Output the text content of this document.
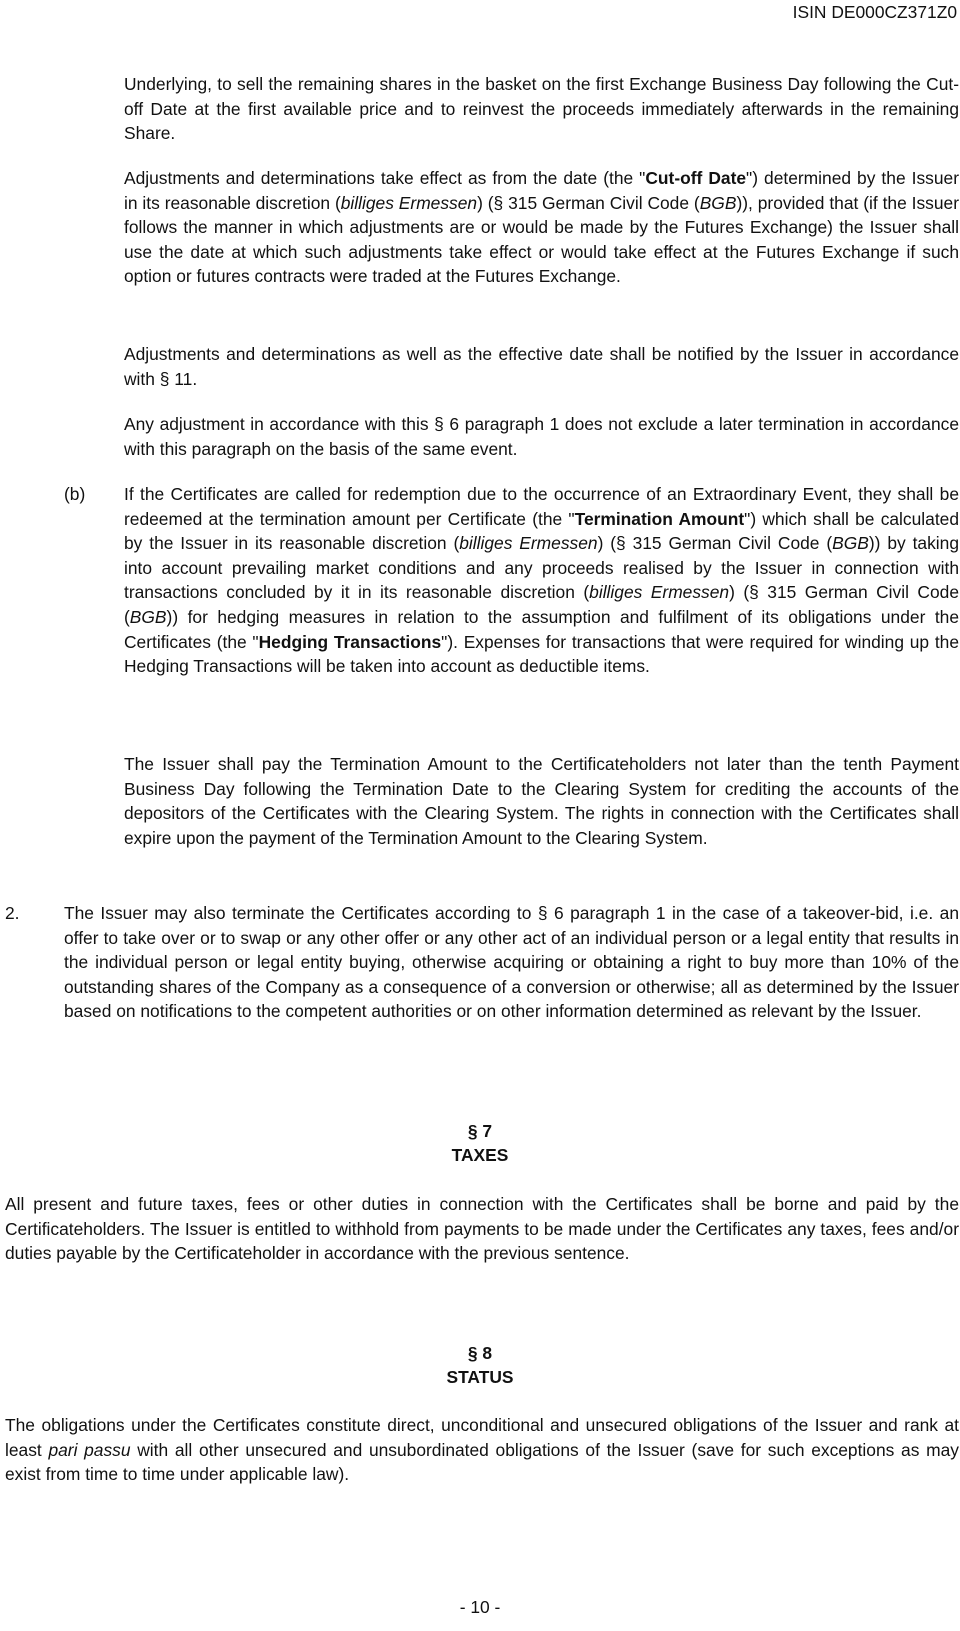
ISIN DE000CZ371Z0

Underlying, to sell the remaining shares in the basket on the first Exchange Business Day following the Cut-off Date at the first available price and to reinvest the proceeds immediately afterwards in the remaining Share.

Adjustments and determinations take effect as from the date (the "Cut-off Date") determined by the Issuer in its reasonable discretion (billiges Ermessen) (§ 315 German Civil Code (BGB)), provided that (if the Issuer follows the manner in which adjustments are or would be made by the Futures Exchange) the Issuer shall use the date at which such adjustments take effect or would take effect at the Futures Exchange if such option or futures contracts were traded at the Futures Exchange.

Adjustments and determinations as well as the effective date shall be notified by the Issuer in accordance with § 11.

Any adjustment in accordance with this § 6 paragraph 1 does not exclude a later termination in accordance with this paragraph on the basis of the same event.

(b) If the Certificates are called for redemption due to the occurrence of an Extraordinary Event, they shall be redeemed at the termination amount per Certificate (the "Termination Amount") which shall be calculated by the Issuer in its reasonable discretion (billiges Ermessen) (§ 315 German Civil Code (BGB)) by taking into account prevailing market conditions and any proceeds realised by the Issuer in connection with transactions concluded by it in its reasonable discretion (billiges Ermessen) (§ 315 German Civil Code (BGB)) for hedging measures in relation to the assumption and fulfilment of its obligations under the Certificates (the "Hedging Transactions"). Expenses for transactions that were required for winding up the Hedging Transactions will be taken into account as deductible items.

The Issuer shall pay the Termination Amount to the Certificateholders not later than the tenth Payment Business Day following the Termination Date to the Clearing System for crediting the accounts of the depositors of the Certificates with the Clearing System. The rights in connection with the Certificates shall expire upon the payment of the Termination Amount to the Clearing System.

2.	The Issuer may also terminate the Certificates according to § 6 paragraph 1 in the case of a takeover-bid, i.e. an offer to take over or to swap or any other offer or any other act of an individual person or a legal entity that results in the individual person or legal entity buying, otherwise acquiring or obtaining a right to buy more than 10% of the outstanding shares of the Company as a consequence of a conversion or otherwise; all as determined by the Issuer based on notifications to the competent authorities or on other information determined as relevant by the Issuer.

§ 7
TAXES

All present and future taxes, fees or other duties in connection with the Certificates shall be borne and paid by the Certificateholders. The Issuer is entitled to withhold from payments to be made under the Certificates any taxes, fees and/or duties payable by the Certificateholder in accordance with the previous sentence.

§ 8
STATUS

The obligations under the Certificates constitute direct, unconditional and unsecured obligations of the Issuer and rank at least pari passu with all other unsecured and unsubordinated obligations of the Issuer (save for such exceptions as may exist from time to time under applicable law).

- 10 -
